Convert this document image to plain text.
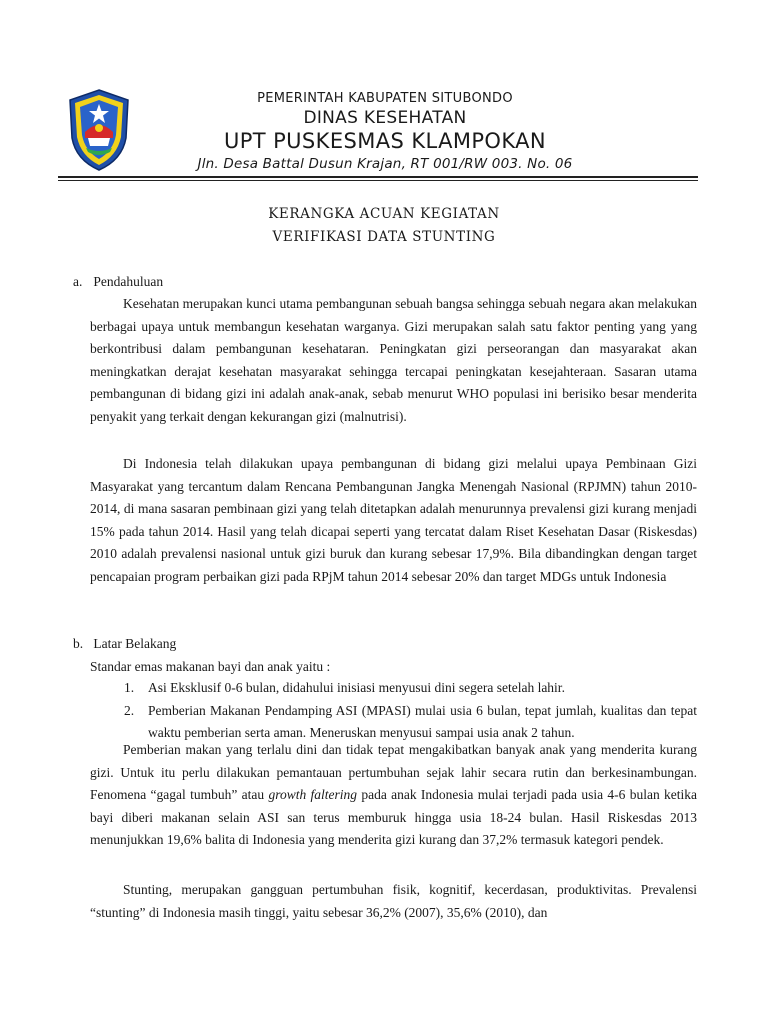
PEMERINTAH KABUPATEN SITUBONDO
DINAS KESEHATAN
UPT PUSKESMAS KLAMPOKAN
Jln. Desa Battal Dusun Krajan, RT 001/RW 003. No. 06
KERANGKA ACUAN KEGIATAN
VERIFIKASI DATA STUNTING
a. Pendahuluan

Kesehatan merupakan kunci utama pembangunan sebuah bangsa sehingga sebuah negara akan melakukan berbagai upaya untuk membangun kesehatan warganya. Gizi merupakan salah satu faktor penting yang yang berkontribusi dalam pembangunan kesehataran. Peningkatan gizi perseorangan dan masyarakat akan meningkatkan derajat kesehatan masyarakat sehingga tercapai peningkatan kesejahteraan. Sasaran utama pembangunan di bidang gizi ini adalah anak-anak, sebab menurut WHO populasi ini berisiko besar menderita penyakit yang terkait dengan kekurangan gizi (malnutrisi).

Di Indonesia telah dilakukan upaya pembangunan di bidang gizi melalui upaya Pembinaan Gizi Masyarakat yang tercantum dalam Rencana Pembangunan Jangka Menengah Nasional (RPJMN) tahun 2010-2014, di mana sasaran pembinaan gizi yang telah ditetapkan adalah menurunnya prevalensi gizi kurang menjadi 15% pada tahun 2014. Hasil yang telah dicapai seperti yang tercatat dalam Riset Kesehatan Dasar (Riskesdas) 2010 adalah prevalensi nasional untuk gizi buruk dan kurang sebesar 17,9%. Bila dibandingkan dengan target pencapaian program perbaikan gizi pada RPjM tahun 2014 sebesar 20% dan target MDGs untuk Indonesia

b. Latar Belakang

Standar emas makanan bayi dan anak yaitu :

1.	Asi Eksklusif 0-6 bulan, didahului inisiasi menyusui dini segera setelah lahir.
2.	Pemberian Makanan Pendamping ASI (MPASI) mulai usia 6 bulan, tepat jumlah, kualitas dan tepat waktu pemberian serta aman. Meneruskan menyusui sampai usia anak 2 tahun.

Pemberian makan yang terlalu dini dan tidak tepat mengakibatkan banyak anak yang menderita kurang gizi. Untuk itu perlu dilakukan pemantauan pertumbuhan sejak lahir secara rutin dan berkesinambungan. Fenomena “gagal tumbuh” atau growth faltering pada anak Indonesia mulai terjadi pada usia 4-6 bulan ketika bayi diberi makanan selain ASI san terus memburuk hingga usia 18-24 bulan. Hasil Riskesdas 2013 menunjukkan 19,6% balita di Indonesia yang menderita gizi kurang dan 37,2% termasuk kategori pendek.

Stunting, merupakan gangguan pertumbuhan fisik, kognitif, kecerdasan, produktivitas. Prevalensi “stunting” di Indonesia masih tinggi, yaitu sebesar 36,2% (2007), 35,6% (2010), dan
